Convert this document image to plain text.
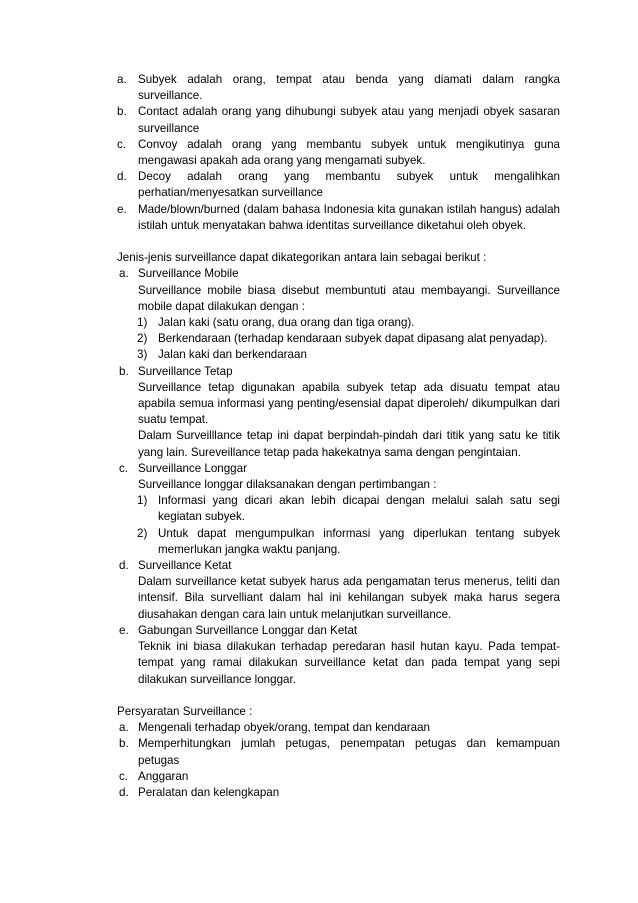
a. Subyek adalah orang, tempat atau benda yang diamati dalam rangka surveillance.
b. Contact adalah orang yang dihubungi subyek atau yang menjadi obyek sasaran surveillance
c.	Convoy adalah orang yang membantu subyek untuk mengikutinya guna mengawasi apakah ada orang yang mengamati subyek.
d. Decoy adalah orang yang membantu subyek untuk mengalihkan perhatian/menyesatkan surveillance
e. Made/blown/burned (dalam bahasa Indonesia kita gunakan istilah hangus) adalah istilah untuk menyatakan bahwa identitas surveillance diketahui oleh obyek.
Jenis-jenis surveillance dapat dikategorikan antara lain sebagai berikut :
a. Surveillance Mobile
Surveillance mobile biasa disebut membuntuti atau membayangi. Surveillance mobile dapat dilakukan dengan :
1) Jalan kaki (satu orang, dua orang dan tiga orang).
2) Berkendaraan (terhadap kendaraan subyek dapat dipasang alat penyadap).
3) Jalan kaki dan berkendaraan
b. Surveillance Tetap
Surveillance tetap digunakan apabila subyek tetap ada disuatu tempat atau apabila semua informasi yang penting/esensial dapat diperoleh/ dikumpulkan dari suatu tempat.
Dalam Surveilllance tetap ini dapat berpindah-pindah dari titik yang satu ke titik yang lain. Sureveillance tetap pada hakekatnya sama dengan pengintaian.
c. Surveillance Longgar
Surveillance longgar dilaksanakan dengan pertimbangan :
1) Informasi yang dicari akan lebih dicapai dengan melalui salah satu segi kegiatan subyek.
2) Untuk dapat mengumpulkan informasi yang diperlukan tentang subyek memerlukan jangka waktu panjang.
d. Surveillance Ketat
Dalam surveillance ketat subyek harus ada pengamatan terus menerus, teliti dan intensif. Bila survelliant dalam hal ini kehilangan subyek maka harus segera diusahakan dengan cara lain untuk melanjutkan surveillance.
e. Gabungan Surveillance Longgar dan Ketat
Teknik ini biasa dilakukan terhadap peredaran hasil hutan kayu. Pada tempat-tempat yang ramai dilakukan surveillance ketat dan pada tempat yang sepi dilakukan surveillance longgar.
Persyaratan Surveillance :
a. Mengenali terhadap obyek/orang, tempat dan kendaraan
b. Memperhitungkan jumlah petugas, penempatan petugas dan kemampuan petugas
c. Anggaran
d. Peralatan dan kelengkapan
